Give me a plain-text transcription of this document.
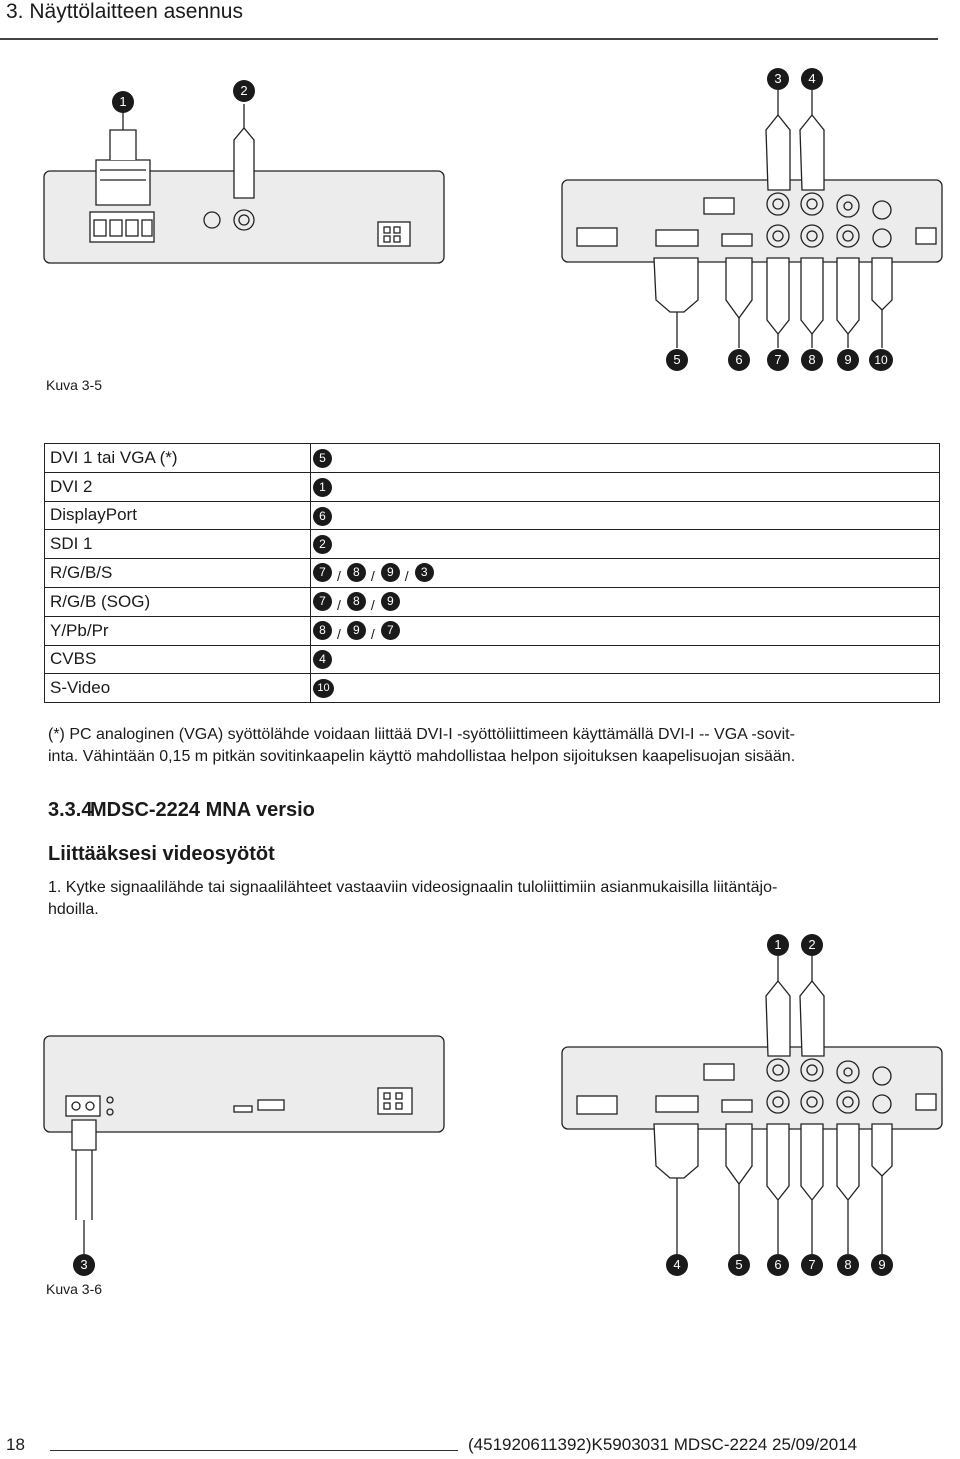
3. Näyttölaitteen asennus
1
2
3	4
5	6	7	8	9	10
Kuva 3-5
DVI 1 tai VGA (*)	5
DVI 2	1
DisplayPort	6
SDI 1	2
R/G/B/S	7 / 8 / 9 / 3
R/G/B (SOG)	7 / 8 / 9
Y/Pb/Pr	8 / 9 / 7
CVBS	4
S-Video	10

(*) PC analoginen (VGA) syöttölähde voidaan liittää DVI-I -syöttöliittimeen käyttämällä DVI-I -- VGA -sovit-

inta. Vähintään 0,15 m pitkän sovitinkaapelin käyttö mahdollistaa helpon sijoituksen kaapelisuojan sisään.

3.3.4
MDSC-2224 MNA versio
Liittääksesi videosyötöt
1. Kytke signaalilähde tai signaalilähteet vastaaviin videosignaalin tuloliittimiin asianmukaisilla liitäntäjo-
hdoilla.
1	2
3	4	5	6	7	8	9
Kuva 3-6
18	(451920611392)K5903031 MDSC-2224 25/09/2014
